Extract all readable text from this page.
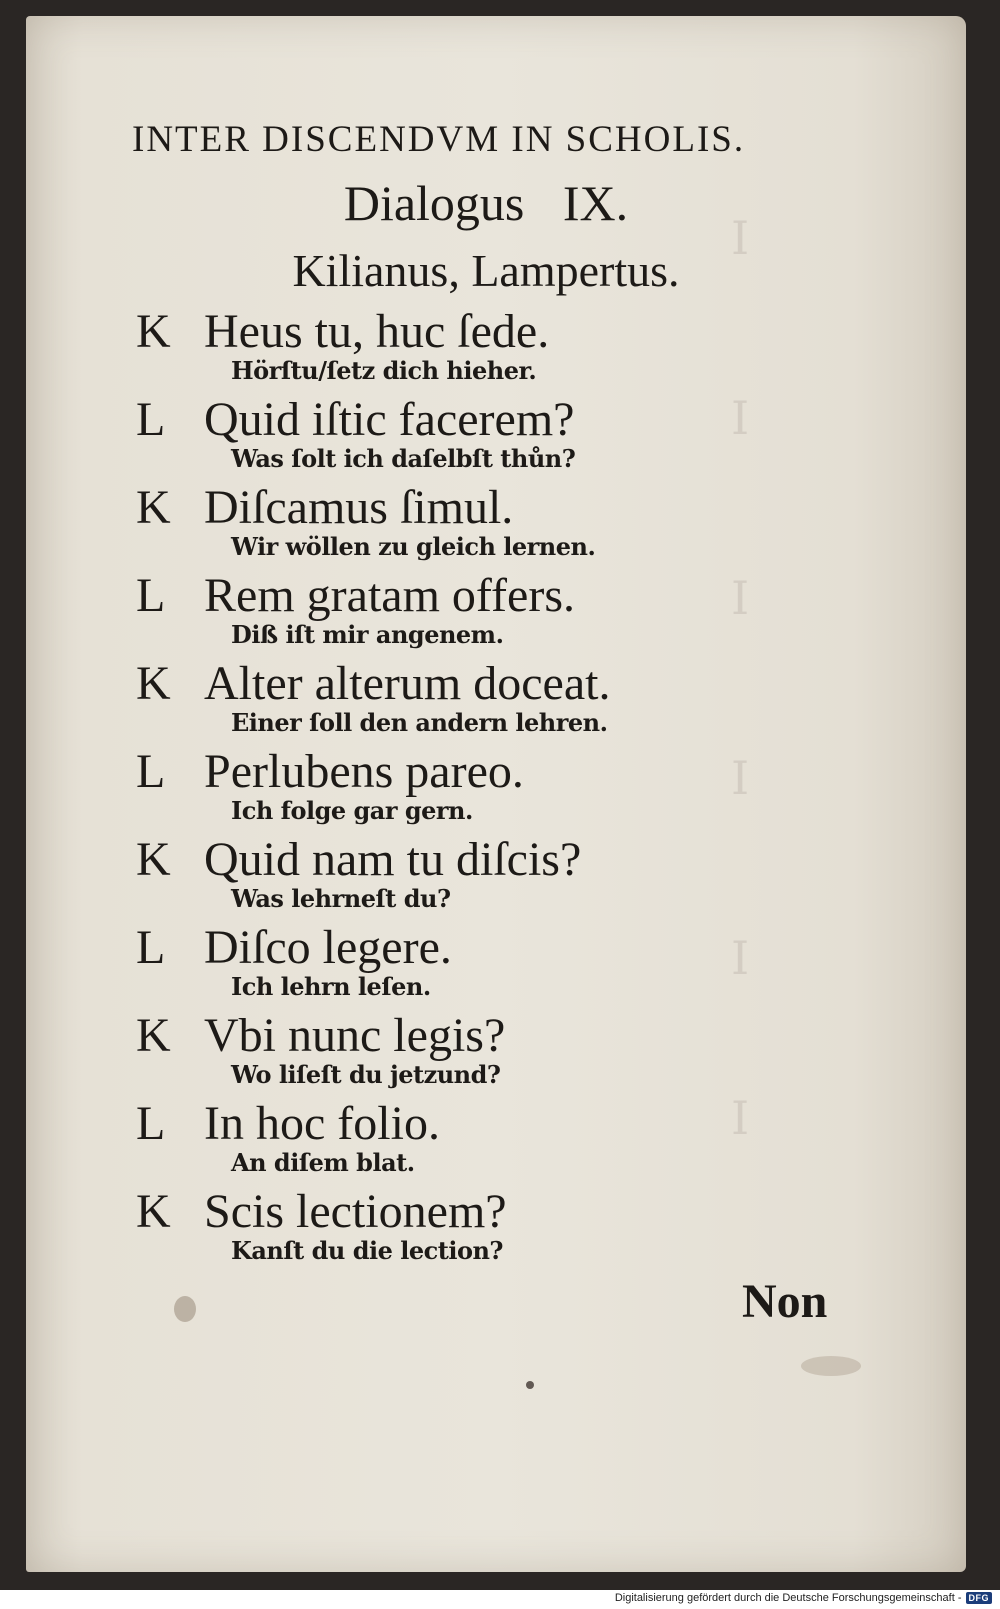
I
I
I
I
I
I
INTER DISCENDVM IN SCHOLIS.
Dialogus IX.
Kilianus, Lampertus.
K Heus tu, huc ſede.
Hörſtu/ſetz dich hieher.
L Quid iſtic facerem?
Was ſolt ich daſelbſt thůn?
K Diſcamus ſimul.
Wir wöllen zu gleich lernen.
L Rem gratam offers.
Diß iſt mir angenem.
K Alter alterum doceat.
Einer ſoll den andern lehren.
L Perlubens pareo.
Ich folge gar gern.
K Quid nam tu diſcis?
Was lehrneſt du?
L Diſco legere.
Ich lehrn leſen.
K Vbi nunc legis?
Wo liſeſt du jetzund?
L In hoc folio.
An diſem blat.
K Scis lectionem?
Kanſt du die lection?
Non
Digitalisierung gefördert durch die Deutsche Forschungsgemeinschaft - DFG
